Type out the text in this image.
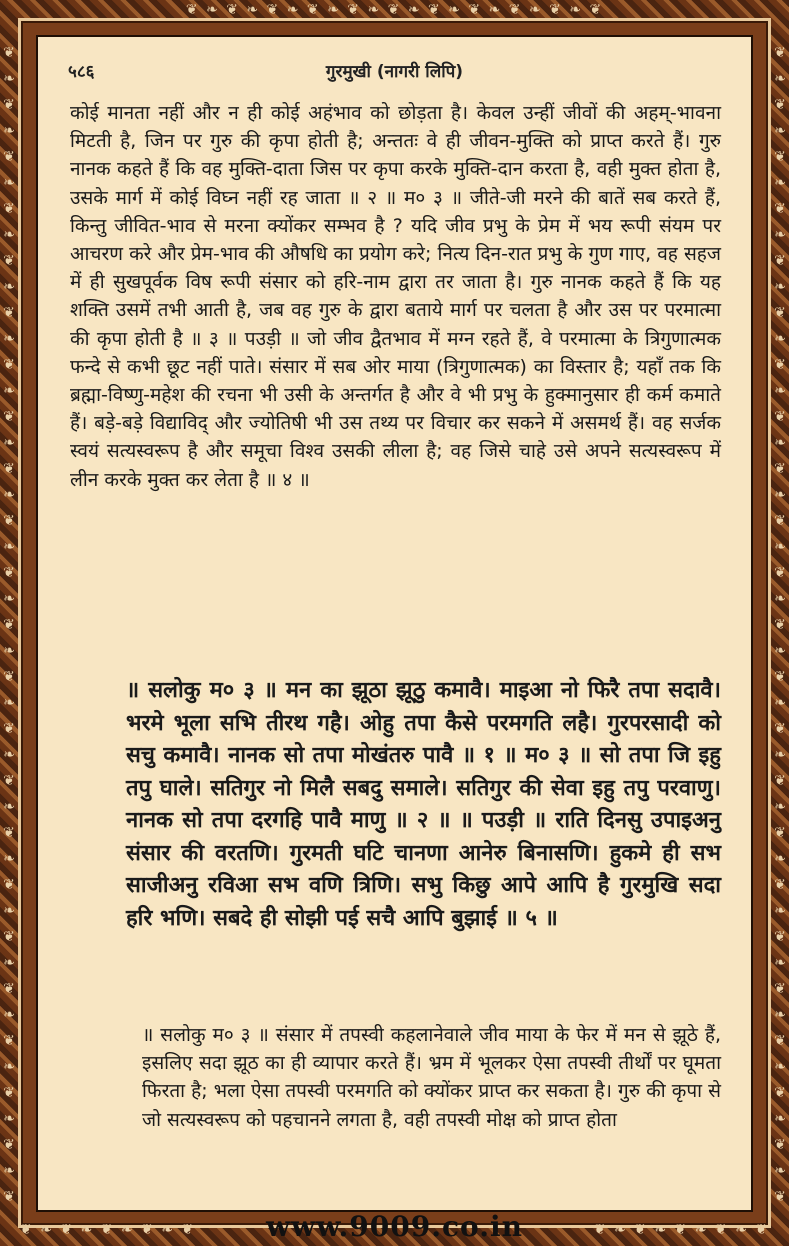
❦ ❧ ❦ ❧ ❦ ❧ ❦ ❧ ❦ ❧ ❦ ❧ ❦ ❧ ❦ ❧ ❦ ❧ ❦ ❧ ❦
❦
❧
❦
❧
❦
❧
❦
❧
❦
❧
❦
❧
❦
❧
❦
❧
❦
❧
❦
❧
❦
❧
❦
❧
❦
❧
❦
❧
❦
❧
❦
❧
❦
❧
❦
❧
❦
❧
❦
❧
❦
❧
❦
❧
❦
❦
❧
❦
❧
❦
❧
❦
❧
❦
❧
❦
❧
❦
❧
❦
❧
❦
❧
❦
❧
❦
❧
❦
❧
❦
❧
❦
❧
❦
❧
❦
❧
❦
❧
❦
❧
❦
❧
❦
❧
❦
❧
❦
❧
❦
❦ ❧ ❦ ❧ ❦ ❧ ❦ ❧ ❦	❦ ❧ ❦ ❧ ❦ ❧ ❦ ❧ ❦
गुरमुखी (नागरी लिपि)
५८६
कोई मानता नहीं और न ही कोई अहंभाव को छोड़ता है। केवल उन्हीं जीवों की अहम्-भावना मिटती है, जिन पर गुरु की कृपा होती है; अन्ततः वे ही जीवन-मुक्ति को प्राप्त करते हैं। गुरु नानक कहते हैं कि वह मुक्ति-दाता जिस पर कृपा करके मुक्ति-दान करता है, वही मुक्त होता है, उसके मार्ग में कोई विघ्न नहीं रह जाता ॥ २ ॥ म० ३ ॥ जीते-जी मरने की बातें सब करते हैं, किन्तु जीवित-भाव से मरना क्योंकर सम्भव है ? यदि जीव प्रभु के प्रेम में भय रूपी संयम पर आचरण करे और प्रेम-भाव की औषधि का प्रयोग करे; नित्य दिन-रात प्रभु के गुण गाए, वह सहज में ही सुखपूर्वक विष रूपी संसार को हरि-नाम द्वारा तर जाता है। गुरु नानक कहते हैं कि यह शक्ति उसमें तभी आती है, जब वह गुरु के द्वारा बताये मार्ग पर चलता है और उस पर परमात्मा की कृपा होती है ॥ ३ ॥ पउड़ी ॥ जो जीव द्वैतभाव में मग्न रहते हैं, वे परमात्मा के त्रिगुणात्मक फन्दे से कभी छूट नहीं पाते। संसार में सब ओर माया (त्रिगुणात्मक) का विस्तार है; यहाँ तक कि ब्रह्मा-विष्णु-महेश की रचना भी उसी के अन्तर्गत है और वे भी प्रभु के हुक्मानुसार ही कर्म कमाते हैं। बड़े-बड़े विद्याविद् और ज्योतिषी भी उस तथ्य पर विचार कर सकने में असमर्थ हैं। वह सर्जक स्वयं सत्यस्वरूप है और समूचा विश्व उसकी लीला है; वह जिसे चाहे उसे अपने सत्यस्वरूप में लीन करके मुक्त कर लेता है ॥ ४ ॥
॥ सलोकु म० ३ ॥ मन का झूठा झूठु कमावै। माइआ नो फिरै तपा सदावै। भरमे भूला सभि तीरथ गहै। ओहु तपा कैसे परमगति लहै। गुरपरसादी को सचु कमावै। नानक सो तपा मोखंतरु पावै ॥ १ ॥ म० ३ ॥ सो तपा जि इहु तपु घाले। सतिगुर नो मिलै सबदु समाले। सतिगुर की सेवा इहु तपु परवाणु। नानक सो तपा दरगहि पावै माणु ॥ २ ॥ ॥ पउड़ी ॥ राति दिनसु उपाइअनु संसार की वरतणि। गुरमती घटि चानणा आनेरु बिनासणि। हुकमे ही सभ साजीअनु रविआ सभ वणि त्रिणि। सभु किछु आपे आपि है गुरमुखि सदा हरि भणि। सबदे ही सोझी पई सचै आपि बुझाई ॥ ५ ॥
॥ सलोकु म० ३ ॥ संसार में तपस्वी कहलानेवाले जीव माया के फेर में मन से झूठे हैं, इसलिए सदा झूठ का ही व्यापार करते हैं। भ्रम में भूलकर ऐसा तपस्वी तीर्थों पर घूमता फिरता है; भला ऐसा तपस्वी परमगति को क्योंकर प्राप्त कर सकता है। गुरु की कृपा से जो सत्यस्वरूप को पहचानने लगता है, वही तपस्वी मोक्ष को प्राप्त होता
www.9009.co.in
